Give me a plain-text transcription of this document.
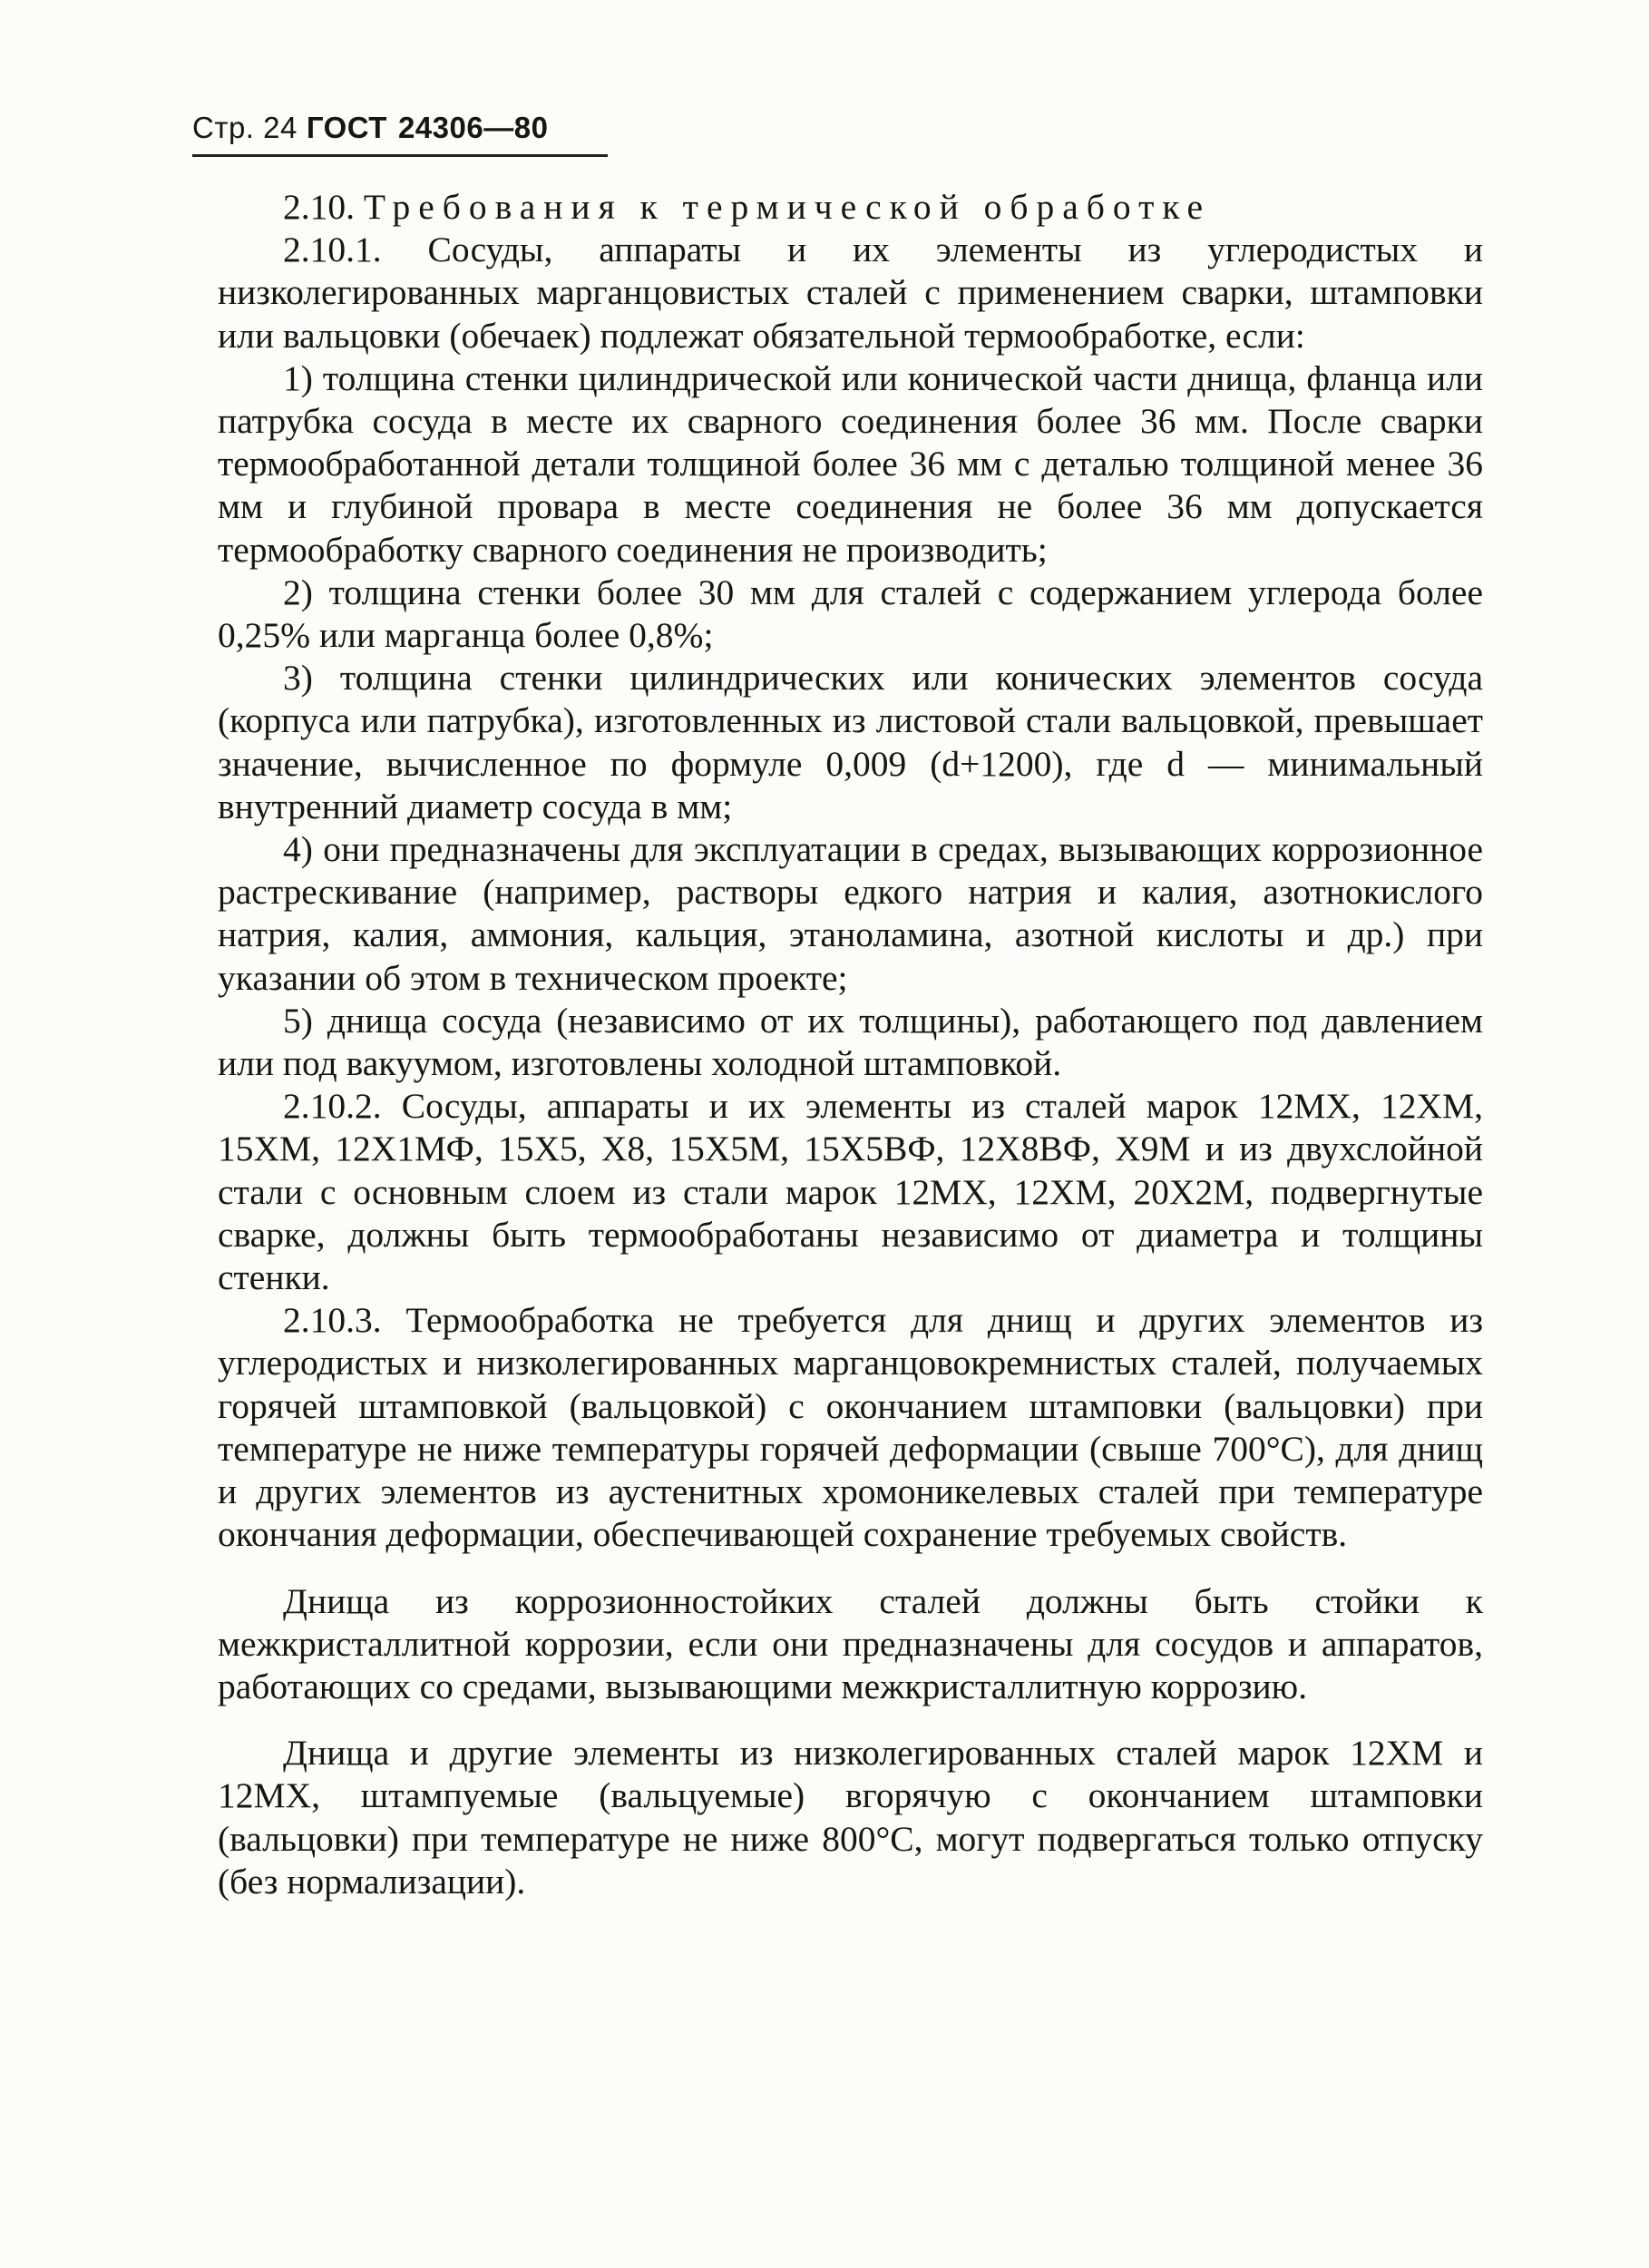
Стр. 24 ГОСТ 24306—80

2.10. Требования к термической обработке

2.10.1. Сосуды, аппараты и их элементы из углеродистых и низколегированных марганцовистых сталей с применением сварки, штамповки или вальцовки (обечаек) подлежат обязательной термообработке, если:

1) толщина стенки цилиндрической или конической части днища, фланца или патрубка сосуда в месте их сварного соединения более 36 мм. После сварки термообработанной детали толщиной более 36 мм с деталью толщиной менее 36 мм и глубиной провара в месте соединения не более 36 мм допускается термообработку сварного соединения не производить;

2) толщина стенки более 30 мм для сталей с содержанием углерода более 0,25% или марганца более 0,8%;

3) толщина стенки цилиндрических или конических элементов сосуда (корпуса или патрубка), изготовленных из листовой стали вальцовкой, превышает значение, вычисленное по формуле 0,009 (d+1200), где d — минимальный внутренний диаметр сосуда в мм;

4) они предназначены для эксплуатации в средах, вызывающих коррозионное растрескивание (например, растворы едкого натрия и калия, азотнокислого натрия, калия, аммония, кальция, этаноламина, азотной кислоты и др.) при указании об этом в техническом проекте;

5) днища сосуда (независимо от их толщины), работающего под давлением или под вакуумом, изготовлены холодной штамповкой.

2.10.2. Сосуды, аппараты и их элементы из сталей марок 12МХ, 12ХМ, 15ХМ, 12Х1МФ, 15Х5, Х8, 15Х5М, 15Х5ВФ, 12Х8ВФ, Х9М и из двухслойной стали с основным слоем из стали марок 12МХ, 12ХМ, 20Х2М, подвергнутые сварке, должны быть термообработаны независимо от диаметра и толщины стенки.

2.10.3. Термообработка не требуется для днищ и других элементов из углеродистых и низколегированных марганцовокремнистых сталей, получаемых горячей штамповкой (вальцовкой) с окончанием штамповки (вальцовки) при температуре не ниже температуры горячей деформации (свыше 700°С), для днищ и других элементов из аустенитных хромоникелевых сталей при температуре окончания деформации, обеспечивающей сохранение требуемых свойств.

Днища из коррозионностойких сталей должны быть стойки к межкристаллитной коррозии, если они предназначены для сосудов и аппаратов, работающих со средами, вызывающими межкристаллитную коррозию.

Днища и другие элементы из низколегированных сталей марок 12ХМ и 12МХ, штампуемые (вальцуемые) вгорячую с окончанием штамповки (вальцовки) при температуре не ниже 800°С, могут подвергаться только отпуску (без нормализации).
